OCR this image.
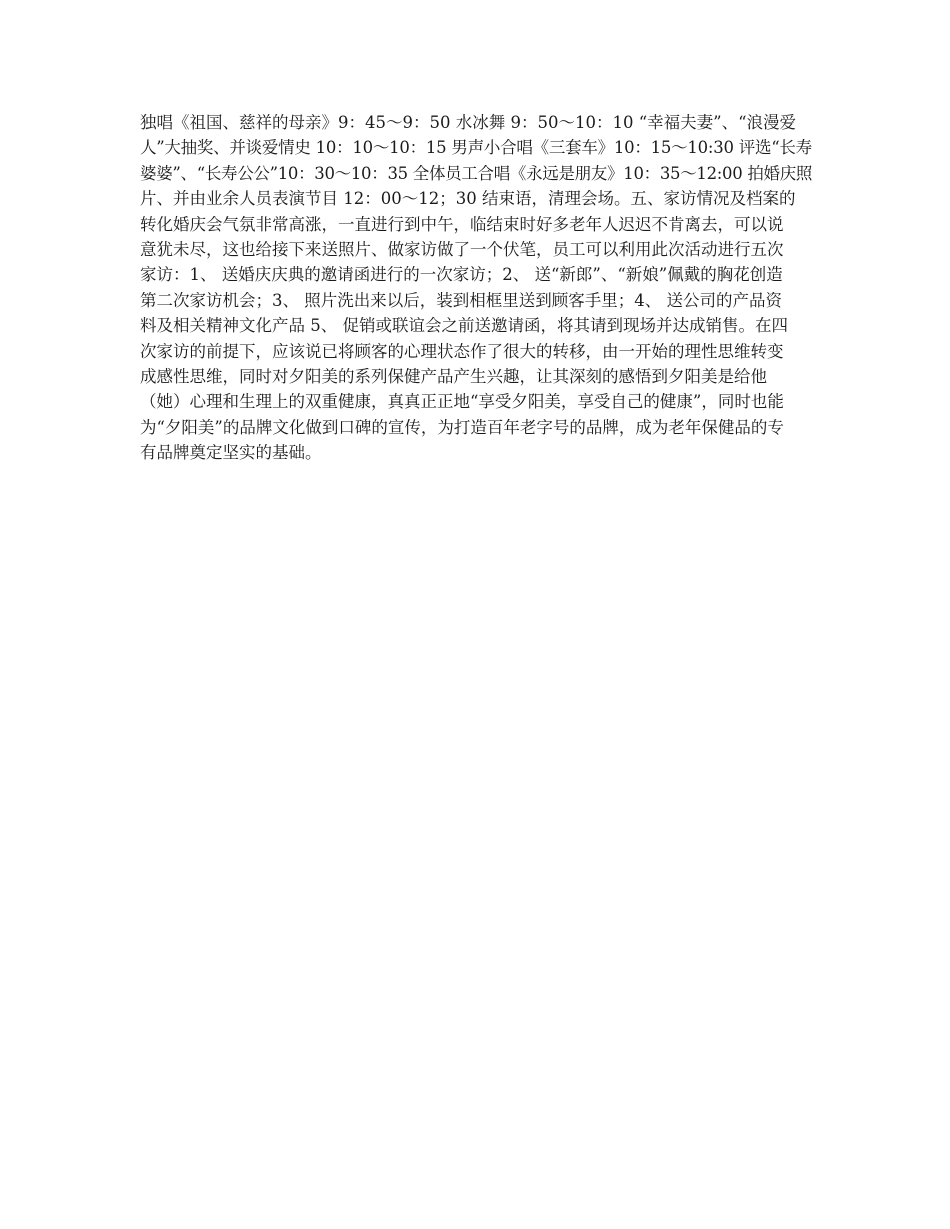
独唱《祖国、慈祥的母亲》9：45～9：50 水冰舞 9：50～10：10 “幸福夫妻”、“浪漫爱
人”大抽奖、并谈爱情史 10：10～10：15 男声小合唱《三套车》10：15～10:30 评选“长寿
婆婆”、“长寿公公”10：30～10：35 全体员工合唱《永远是朋友》10：35～12:00 拍婚庆照
片、并由业余人员表演节目 12：00～12；30 结束语，清理会场。五、家访情况及档案的
转化婚庆会气氛非常高涨，一直进行到中午，临结束时好多老年人迟迟不肯离去，可以说
意犹未尽，这也给接下来送照片、做家访做了一个伏笔，员工可以利用此次活动进行五次
家访：1、 送婚庆庆典的邀请函进行的一次家访；2、 送“新郎”、“新娘”佩戴的胸花创造
第二次家访机会；3、 照片洗出来以后，装到相框里送到顾客手里；4、 送公司的产品资
料及相关精神文化产品 5、 促销或联谊会之前送邀请函，将其请到现场并达成销售。在四
次家访的前提下，应该说已将顾客的心理状态作了很大的转移，由一开始的理性思维转变
成感性思维，同时对夕阳美的系列保健产品产生兴趣，让其深刻的感悟到夕阳美是给他
（她）心理和生理上的双重健康，真真正正地“享受夕阳美，享受自己的健康”，同时也能
为“夕阳美”的品牌文化做到口碑的宣传，为打造百年老字号的品牌，成为老年保健品的专
有品牌奠定坚实的基础。
